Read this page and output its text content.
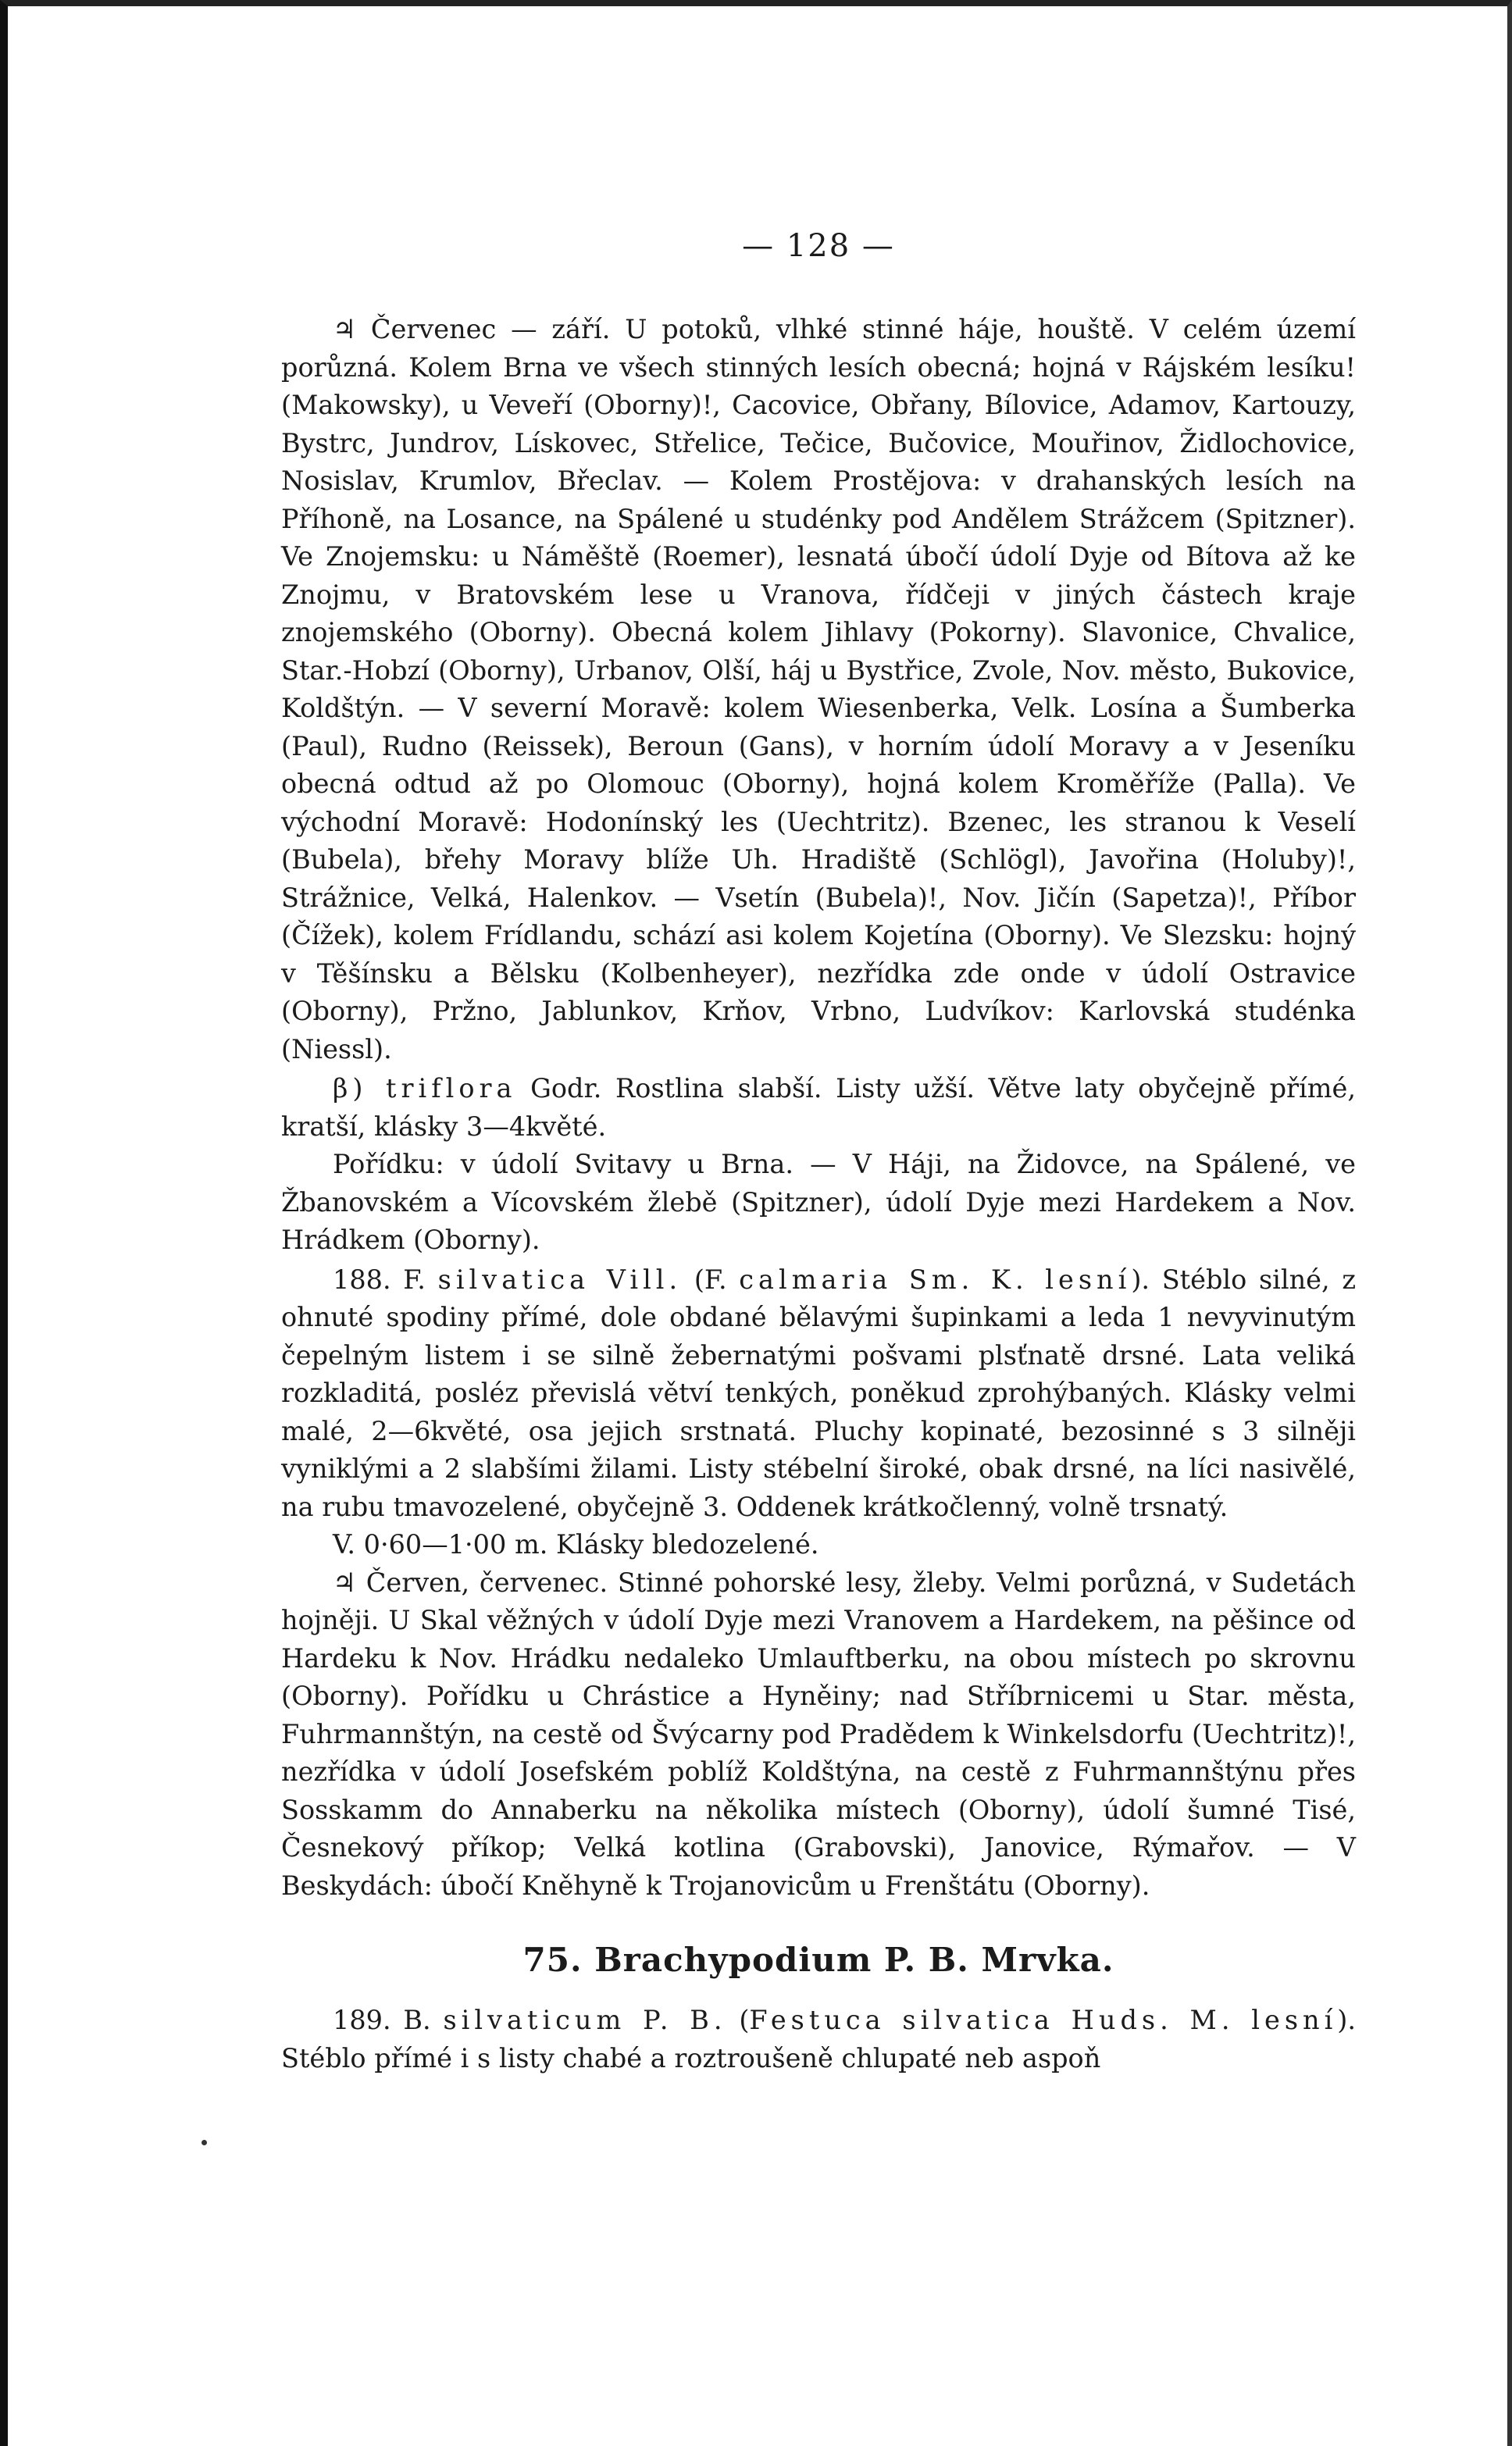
— 128 —

♃ Červenec — září. U potoků, vlhké stinné háje, houště. V celém území porůzná. Kolem Brna ve všech stinných lesích obecná; hojná v Rájském lesíku! (Makowsky), u Veveří (Oborny)!, Cacovice, Obřany, Bílovice, Adamov, Kartouzy, Bystrc, Jundrov, Lískovec, Střelice, Tečice, Bučovice, Mouřinov, Židlochovice, Nosislav, Krumlov, Břeclav. — Kolem Prostějova: v drahanských lesích na Příhoně, na Losance, na Spálené u studénky pod Andělem Strážcem (Spitzner). Ve Znojemsku: u Náměště (Roemer), lesnatá úbočí údolí Dyje od Bítova až ke Znojmu, v Bratovském lese u Vranova, řídčeji v jiných částech kraje znojemského (Oborny). Obecná kolem Jihlavy (Pokorny). Slavonice, Chvalice, Star.-Hobzí (Oborny), Urbanov, Olší, háj u Bystřice, Zvole, Nov. město, Bukovice, Koldštýn. — V severní Moravě: kolem Wiesenberka, Velk. Losína a Šumberka (Paul), Rudno (Reissek), Beroun (Gans), v horním údolí Moravy a v Jeseníku obecná odtud až po Olomouc (Oborny), hojná kolem Kroměříže (Palla). Ve východní Moravě: Hodonínský les (Uechtritz). Bzenec, les stranou k Veselí (Bubela), břehy Moravy blíže Uh. Hradiště (Schlögl), Javořina (Holuby)!, Strážnice, Velká, Halenkov. — Vsetín (Bubela)!, Nov. Jičín (Sapetza)!, Příbor (Čížek), kolem Frídlandu, schází asi kolem Kojetína (Oborny). Ve Slezsku: hojný v Těšínsku a Bělsku (Kolbenheyer), nezřídka zde onde v údolí Ostravice (Oborny), Pržno, Jablunkov, Krňov, Vrbno, Ludvíkov: Karlovská studénka (Niessl).

β) triflora Godr. Rostlina slabší. Listy užší. Větve laty obyčejně přímé, kratší, klásky 3—4květé.

Pořídku: v údolí Svitavy u Brna. — V Háji, na Židovce, na Spálené, ve Žbanovském a Vícovském žlebě (Spitzner), údolí Dyje mezi Hardekem a Nov. Hrádkem (Oborny).

188. F. silvatica Vill. (F. calmaria Sm. K. lesní). Stéblo silné, z ohnuté spodiny přímé, dole obdané bělavými šupinkami a leda 1 nevyvinutým čepelným listem i se silně žebernatými pošvami plsťnatě drsné. Lata veliká rozkladitá, posléz převislá větví tenkých, poněkud zprohýbaných. Klásky velmi malé, 2—6květé, osa jejich srstnatá. Pluchy kopinaté, bezosinné s 3 silněji vyniklými a 2 slabšími žilami. Listy stébelní široké, obak drsné, na líci nasivělé, na rubu tmavozelené, obyčejně 3. Oddenek krátkočlenný, volně trsnatý.

V. 0·60—1·00 m. Klásky bledozelené.

♃ Červen, červenec. Stinné pohorské lesy, žleby. Velmi porůzná, v Sudetách hojněji. U Skal věžných v údolí Dyje mezi Vranovem a Hardekem, na pěšince od Hardeku k Nov. Hrádku nedaleko Umlauftberku, na obou místech po skrovnu (Oborny). Pořídku u Chrástice a Hyněiny; nad Stříbrnicemi u Star. města, Fuhrmannštýn, na cestě od Švýcarny pod Pradědem k Winkelsdorfu (Uechtritz)!, nezřídka v údolí Josefském poblíž Koldštýna, na cestě z Fuhrmannštýnu přes Sosskamm do Annaberku na několika místech (Oborny), údolí šumné Tisé, Česnekový příkop; Velká kotlina (Grabovski), Janovice, Rýmařov. — V Beskydách: úbočí Kněhyně k Trojanovicům u Frenštátu (Oborny).

75. Brachypodium P. B. Mrvka.

189. B. silvaticum P. B. (Festuca silvatica Huds. M. lesní). Stéblo přímé i s listy chabé a roztroušeně chlupaté neb aspoň
